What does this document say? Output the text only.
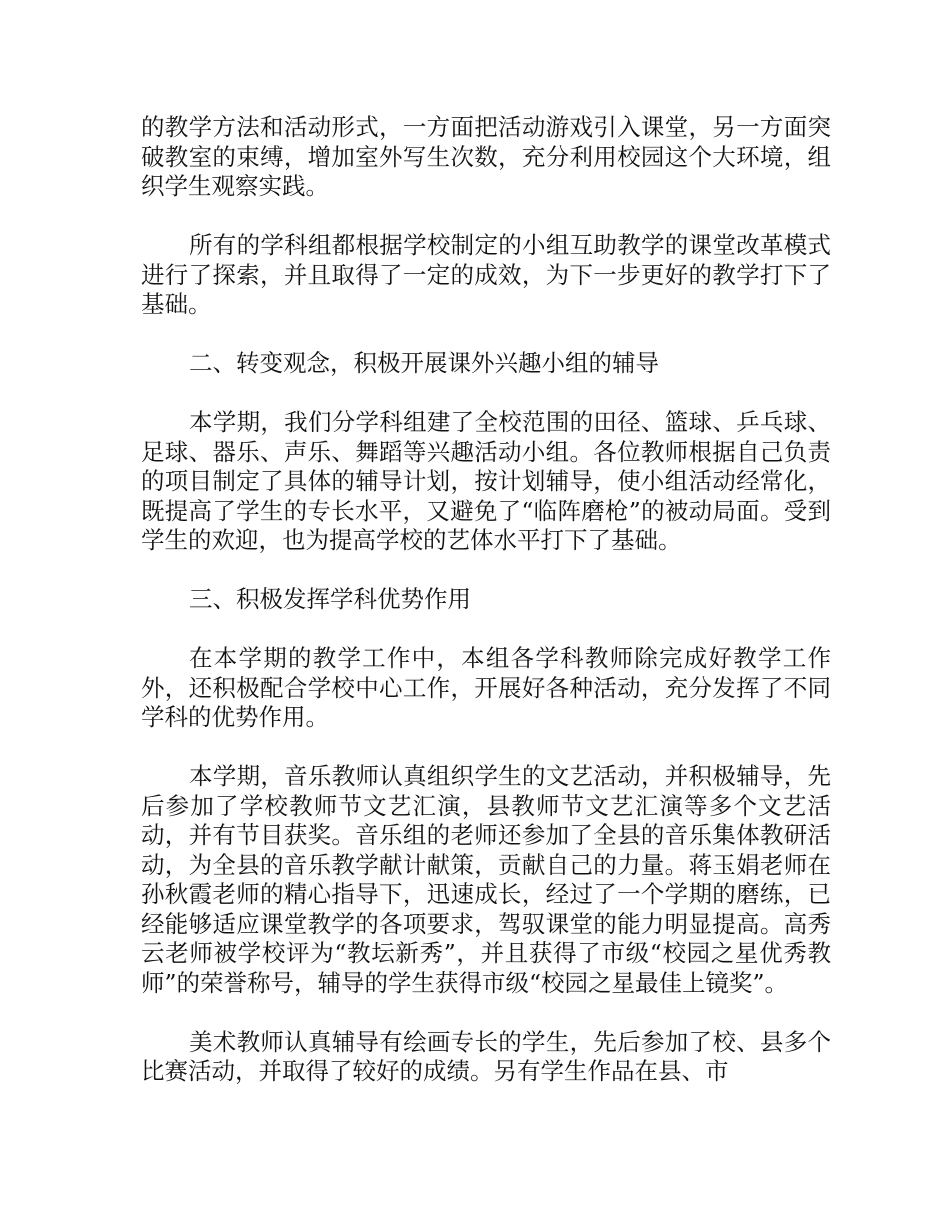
的教学方法和活动形式，一方面把活动游戏引入课堂，另一方面突破教室的束缚，增加室外写生次数，充分利用校园这个大环境，组织学生观察实践。

所有的学科组都根据学校制定的小组互助教学的课堂改革模式进行了探索，并且取得了一定的成效，为下一步更好的教学打下了基础。

二、转变观念，积极开展课外兴趣小组的辅导

本学期，我们分学科组建了全校范围的田径、篮球、乒乓球、足球、器乐、声乐、舞蹈等兴趣活动小组。各位教师根据自己负责的项目制定了具体的辅导计划，按计划辅导，使小组活动经常化，既提高了学生的专长水平，又避免了“临阵磨枪”的被动局面。受到学生的欢迎，也为提高学校的艺体水平打下了基础。

三、积极发挥学科优势作用

在本学期的教学工作中，本组各学科教师除完成好教学工作外，还积极配合学校中心工作，开展好各种活动，充分发挥了不同学科的优势作用。

本学期，音乐教师认真组织学生的文艺活动，并积极辅导，先后参加了学校教师节文艺汇演，县教师节文艺汇演等多个文艺活动，并有节目获奖。音乐组的老师还参加了全县的音乐集体教研活动，为全县的音乐教学献计献策，贡献自己的力量。蒋玉娟老师在孙秋霞老师的精心指导下，迅速成长，经过了一个学期的磨练，已经能够适应课堂教学的各项要求，驾驭课堂的能力明显提高。高秀云老师被学校评为“教坛新秀”，并且获得了市级“校园之星优秀教师”的荣誉称号，辅导的学生获得市级“校园之星最佳上镜奖”。

美术教师认真辅导有绘画专长的学生，先后参加了校、县多个比赛活动，并取得了较好的成绩。另有学生作品在县、市
